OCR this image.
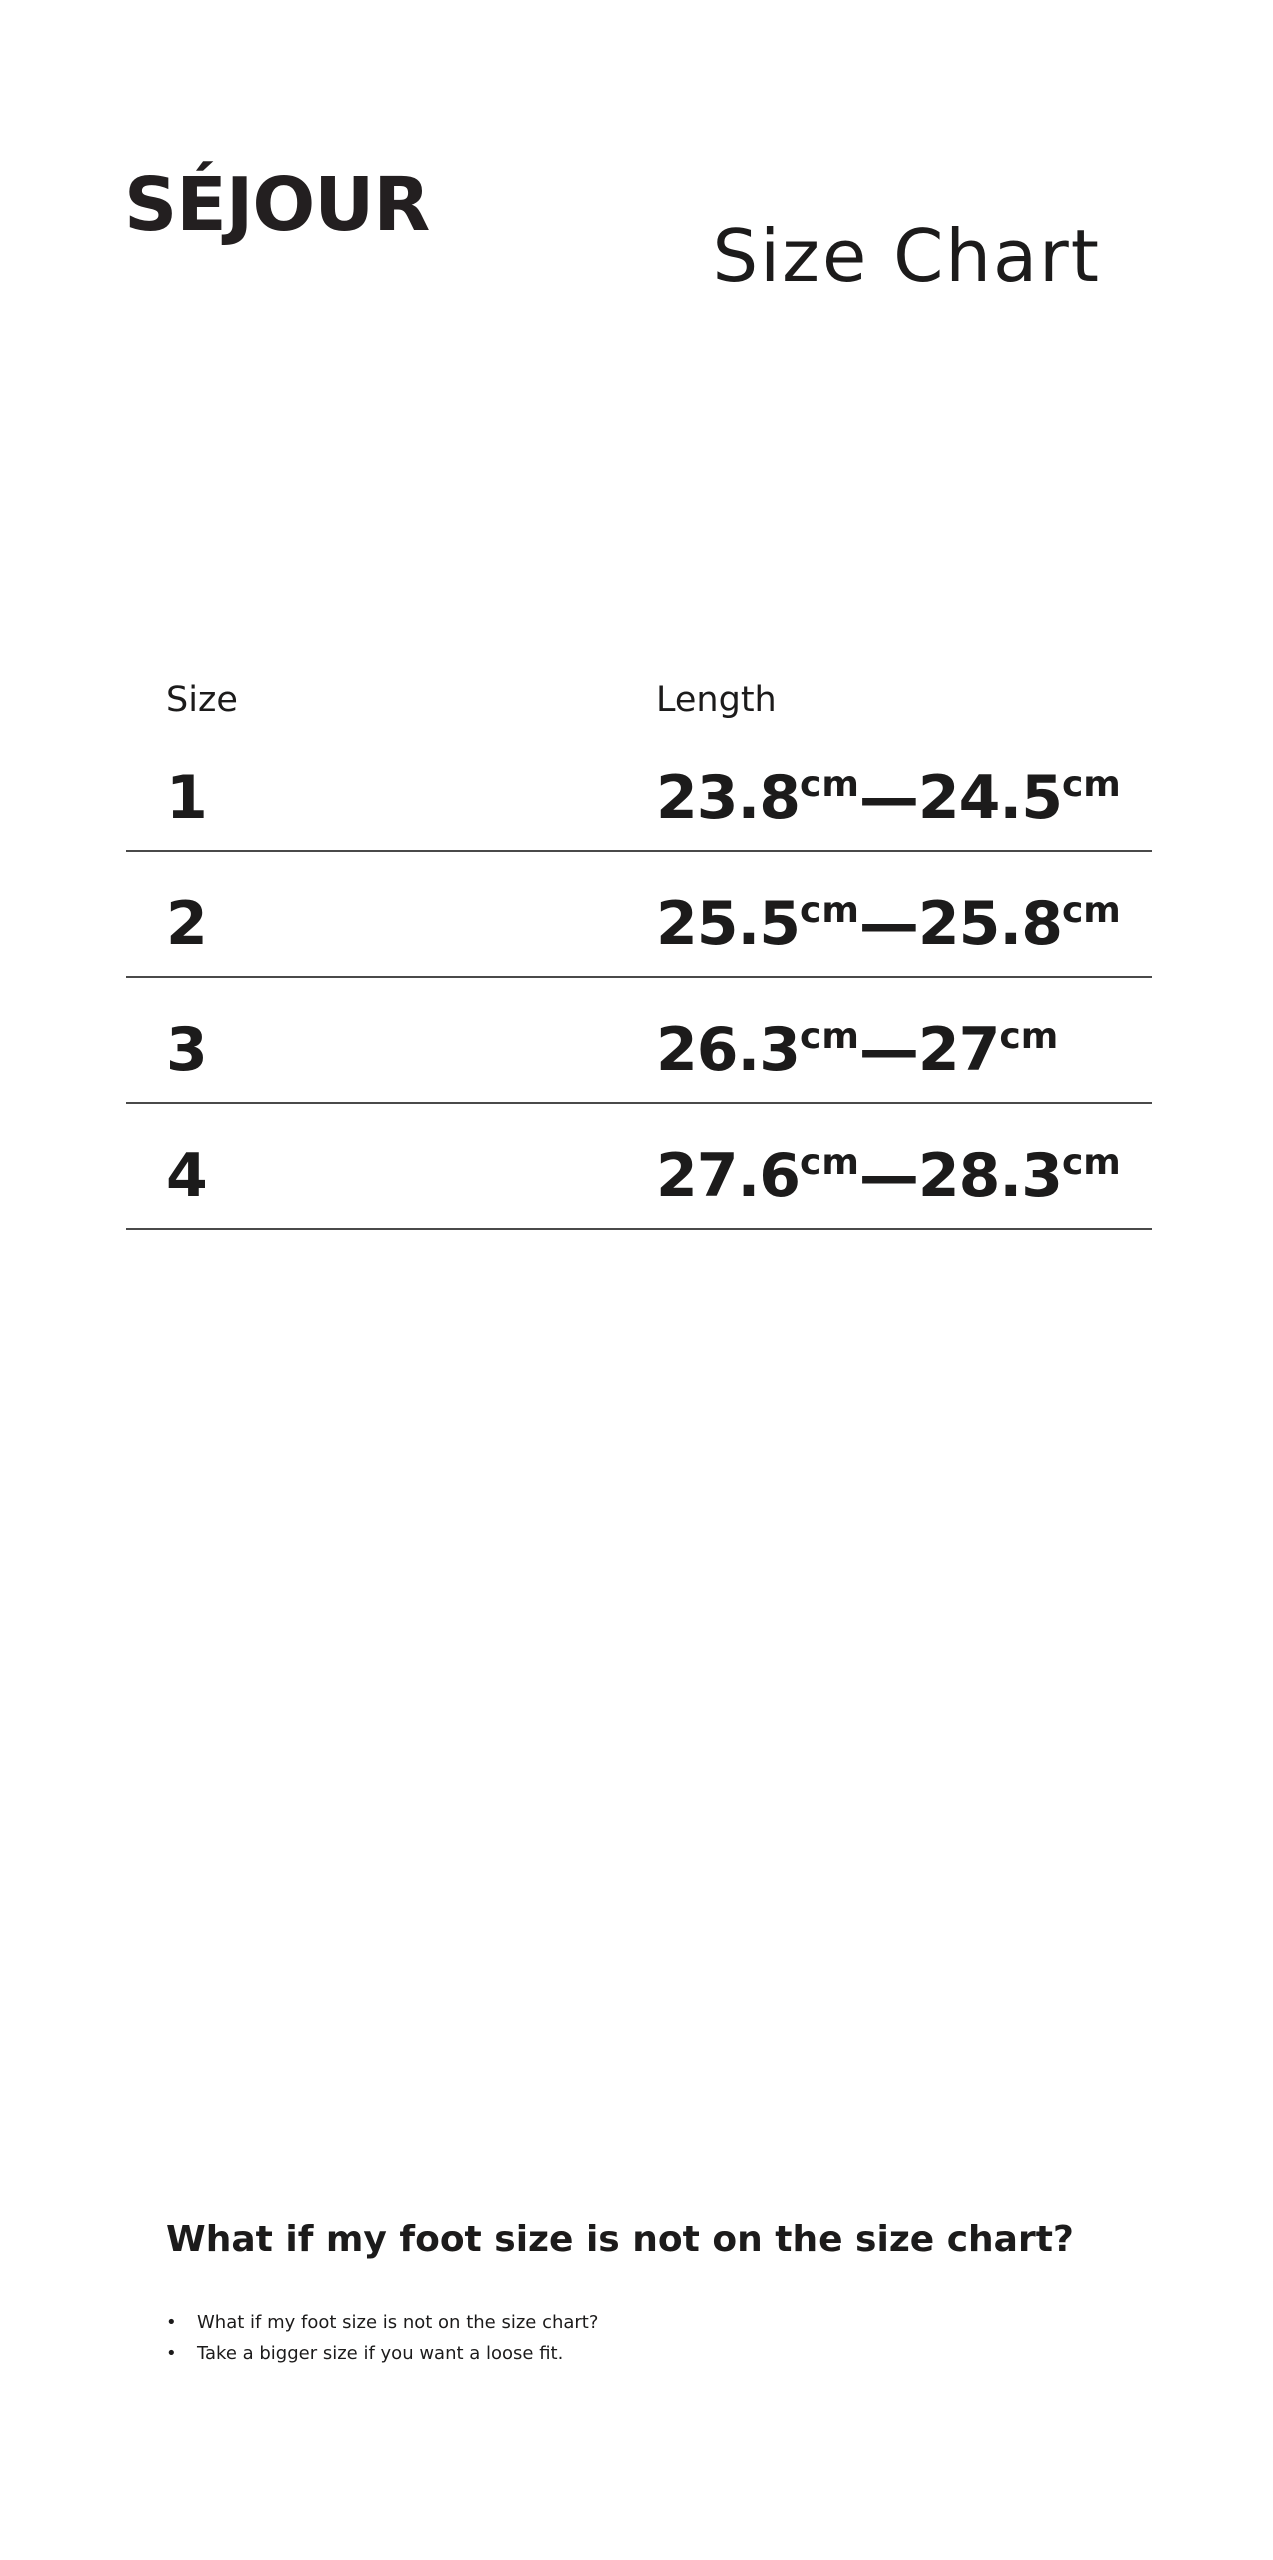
SÉJOUR
Size Chart
Size	Length
1	$23.8^{cm}—24.5^{cm}$
2	$25.5^{cm}—25.8^{cm}$
3	$26.3^{cm}—27^{cm}$
4	$27.6^{cm}—28.3^{cm}$
What if my foot size is not on the size chart?
• What if my foot size is not on the size chart?
• Take a bigger size if you want a loose fit.
